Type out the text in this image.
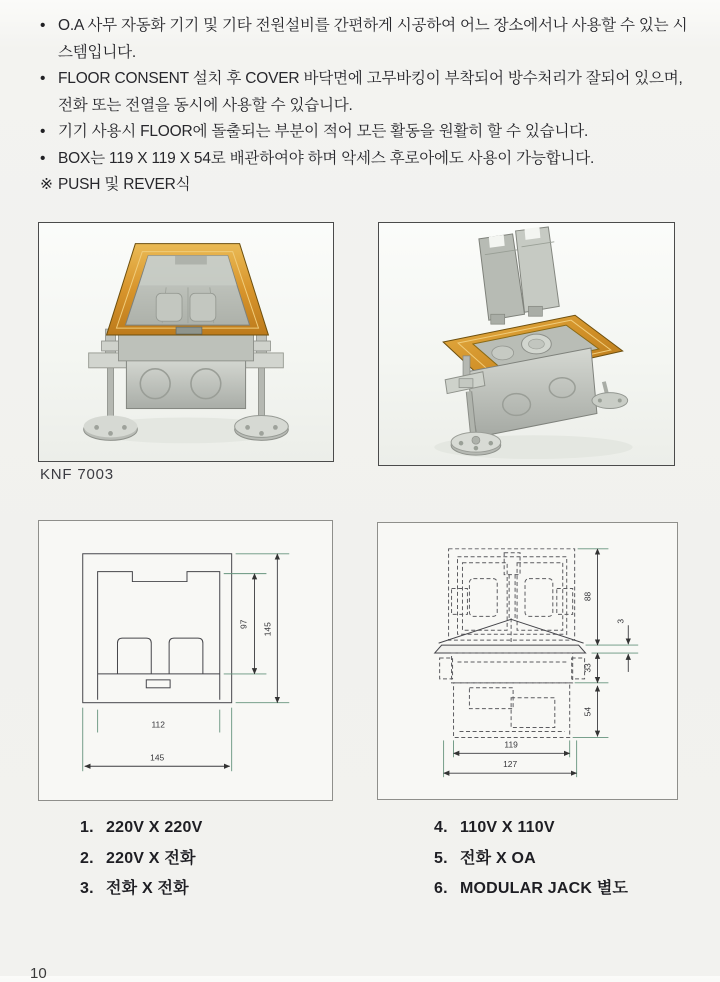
• O.A 사무 자동화 기기 및 기타 전원설비를 간편하게 시공하여 어느 장소에서나 사용할 수 있는 시스템입니다.
• FLOOR CONSENT 설치 후 COVER 바닥면에 고무바킹이 부착되어 방수처리가 잘되어 있으며, 전화 또는 전열을 동시에 사용할 수 있습니다.
• 기기 사용시 FLOOR에 돌출되는 부분이 적어 모든 활동을 원활히 할 수 있습니다.
• BOX는 119 X 119 X 54로 배관하여야 하며 악세스 후로아에도 사용이 가능합니다.
※ PUSH 및 REVER식
KNF 7003
97 145
112
145
88
3
33
54
119
127
1. 220V X 220V
2. 220V X 전화
3. 전화 X 전화
4. 110V X 110V
5. 전화 X OA
6. MODULAR JACK 별도
10
